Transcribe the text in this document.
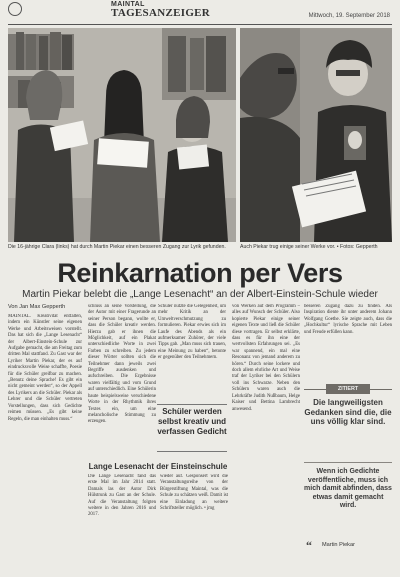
MAINTAL
TAGESANZEIGER	Mittwoch, 19. September 2018
Die 16-jährige Clara (links) hat durch Martin Piekar einen besseren Zugang zur Lyrik gefunden.	Auch Piekar trug einige seiner Werke vor. • Fotos: Gepperth
Reinkarnation per Vers
Martin Piekar belebt die „Lange Lesenacht“ an der Albert-Einstein-Schule wieder
Von Jan Max Gepperth

MAINTAL. Kreativität entfalten, indem ein Künstler seine eigenen Werke und Arbeitsweisen vorstellt. Das hat sich die „Lange Lesenacht“ der Albert-Einstein-Schule zur Aufgabe gemacht, die am Freitag zum dritten Mal stattfand. Zu Gast war der Lyriker Martin Piekar, der es auf eindrucksvolle Weise schaffte, Poesie für die Schüler greifbar zu machen. „Benutz deine Sprache! Es gibt ein nicht gemeint werden“, so der Appell des Lyrikers an die Schüler. Piekar als Lehrer und die Schüler vertreten Vorstellungen, dass sich Gedichte reimen müssen. „Es gibt keine Regeln, die man einhalten muss.“

schluss an seine Vorstellung, die der Autor mit einer Fragerunde an seiner Person begann, wollte er, dass die Schüler kreativ werden. Hierzu gab er ihnen die Möglichkeit, auf ein Plakat unterschiedliche Worte in zwei Farben zu schreiben. Zu jedem dieser Wörter sollten sich die Teilnehmer dann jeweils zwei Begriffe ausdenken und aufschreiben. Die Ergebnisse waren vielfältig und vom Grund auf unterschiedlich. Eine Schülerin baute beispielsweise verschiedene Worte in der Rhythmik ihres Textes ein, um eine melancholische Stimmung zu erzeugen.

Schüler nutzte die Gelegenheit, um mehr Kritik an der Umweltverschmutzung zu formulieren. Piekar erwies sich im Laufe des Abends als ein aufmerksamer Zuhörer, der viele Tipps gab. „Man muss sich trauen, eine Meinung zu haben“, betonte er gegenüber den Teilnehmern.

Schüler werden selbst kreativ und verfassen Gedicht

von Werken auf dem Programm – alles auf Wunsch der Schüler. Also kopierte Piekar einige seiner eigenen Texte und ließ die Schüler diese vortragen. Er selbst erklärte, dass es für ihn eine der wertvollsten Erfahrungen sei. „Es war spannend, ein mal eine Resonanz von jemand anderem zu hören.“ Durch seine lockere und doch allem ehrliche Art und Weise traf der Lyriker bei den Schülern voll ins Schwarze. Neben den Schülern waren auch die Lehrkräfte Judith Nußbaum, Helge Kaiser und Bettina Lambrecht anwesend.

besseren Zugang dazu zu finden. Als Inspiration diente ihr unter anderem Johann Wolfgang Goethe. Sie zeigte auch, dass die „Hochkultur“ lyrische Sprache mit Leben und Freude erfüllen kann.

Lange Lesenacht der Einsteinschule

Die Lange Lesenacht fand das erste Mal im Jahr 2014 statt. Damals las der Autor Dirk Hülstrunk zu Gast an der Schule. Auf die Veranstaltung folgten weitere in den Jahren 2016 und 2017.

wieder auf. Gesponsert wird die Veranstaltungsreihe von der Bürgerstiftung Maintal, was die Schule zu schätzen weiß. Damit ist eine Einladung an weitere Schriftsteller möglich. • jmg

ZITIERT
Die langweiligsten Gedanken sind die, die uns völlig klar sind.
Wenn ich Gedichte veröffentliche, muss ich mich damit abfinden, dass etwas damit gemacht wird.
“ Martin Piekar
